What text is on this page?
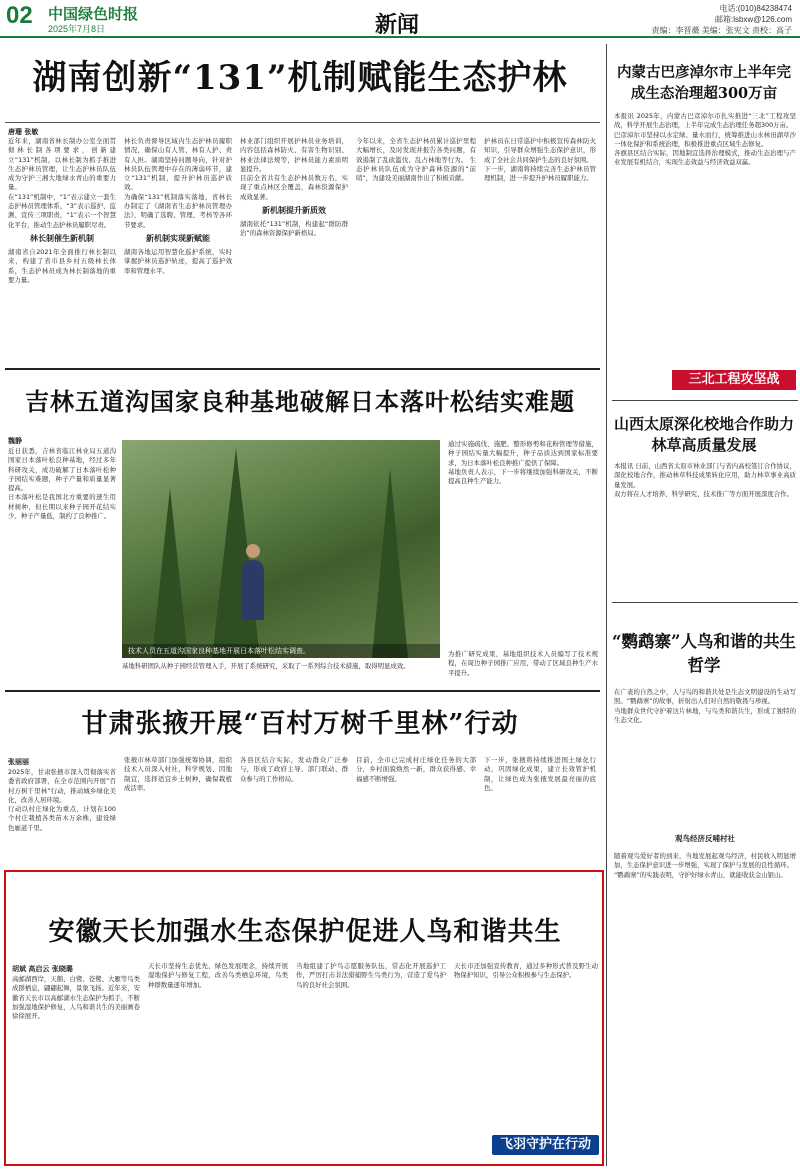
02 中国绿色时报
2025年7月8日	新闻
电话:(010)84238474
邮箱:lsbxw@126.com
责编：李晋薇 美编：张宪文 责校：高子
湖南创新“131”机制赋能生态护林
唐珊 张敏
近年来，湖南省林长制办公室全面贯彻林长制各项要求，创新建立“131”机制，以林长制为抓手推进生态护林员管理，让生态护林员队伍成为守护三湘大地绿水青山的重要力量。
在“131”机制中，“1”表示建立一套生态护林员管理体系，“3”表示巡护、监测、宣传三项职责，“1”表示一个智慧化平台，推动生态护林员履职尽责。
林长制催生新机制
湖南省自2021年全面推行林长制以来，构建了省市县乡村五级林长体系，生态护林员成为林长制落地的重要力量。
林长负责督导区域内生态护林员履职情况，确保山有人管、林有人护、责有人担。湖南坚持问题导向，针对护林员队伍管理中存在的薄弱环节，建立“131”机制，提升护林员巡护质效。
为确保“131”机制落实落地，省林长办制定了《湖南省生态护林员管理办法》，明确了选聘、管理、考核等各环节要求。
新机制实现新赋能
湖南各地运用智慧化巡护系统，实时掌握护林员巡护轨迹，提高了巡护效率和管理水平。
林业部门组织开展护林员业务培训，内容包括森林防火、有害生物识别、林业法律法规等，护林员能力素质明显提升。
目前全省共有生态护林员数万名，实现了重点林区全覆盖，森林资源保护成效显著。
新机制提升新质效
湖南依托“131”机制，构建起“群防群治”的森林资源保护新格局。
今年以来，全省生态护林员累计巡护里程大幅增长，及时发现并报告各类问题，有效遏制了乱砍滥伐、乱占林地等行为。 生态护林员队伍成为守护森林资源的“前哨”，为建设美丽湖南作出了积极贡献。
护林员在日常巡护中积极宣传森林防火知识，引导群众增强生态保护意识，形成了全社会共同保护生态的良好氛围。
下一步，湖南将持续完善生态护林员管理机制，进一步提升护林员履职能力。
吉林五道沟国家良种基地破解日本落叶松结实难题
魏静
近日获悉，吉林省临江林业局五道沟国家日本落叶松良种基地，经过多年科研攻关，成功破解了日本落叶松种子园结实难题，种子产量和质量显著提高。
日本落叶松是我国北方重要的速生用材树种，但长期以来种子园开花结实少、种子产量低，制约了良种推广。
技术人员在五道沟国家良种基地开展日本落叶松结实调查。
基地科研团队从种子园经营管理入手，开展了系统研究，采取了一系列综合技术措施，取得明显成效。
通过实施疏伐、施肥、整形修剪和花粉管理等措施，种子园结实量大幅提升，种子品质达到国家标准要求，为日本落叶松良种推广提供了保障。
基地负责人表示，下一步将继续加强科研攻关，不断提高良种生产能力。
为推广研究成果，基地组织技术人员编写了技术规程，在周边种子园推广应用，带动了区域良种生产水平提升。
甘肃张掖开展“百村万树千里林”行动
张丽丽
2025年，甘肃张掖市深入贯彻落实省委省政府部署，在全市范围内开展“百村万树千里林”行动，推动城乡绿化美化，改善人居环境。
行动以村庄绿化为重点，计划在100个村庄栽植各类苗木万余株，建设绿色廊道千里。
张掖市林草部门加强统筹协调，组织技术人员深入村社，科学规划、因地制宜，选择适宜乡土树种，确保栽植成活率。
各县区结合实际，发动群众广泛参与，形成了政府主导、部门联动、群众参与的工作格局。
目前，全市已完成村庄绿化任务的大部分，乡村面貌焕然一新，群众获得感、幸福感不断增强。
下一步，张掖将持续推进国土绿化行动，巩固绿化成果，建立长效管护机制，让绿色成为张掖发展最亮丽的底色。
安徽天长加强水生态保护促进人鸟和谐共生
胡斌 高启云 张晓璐
高邮湖西岸，天鹅、白鹭、苍鹭、大雁等鸟类成群栖息，翩翩起舞，景象飞扬。近年来，安徽省天长市以高邮湖水生态保护为抓手，不断加强湿地保护修复，人鸟和谐共生的美丽画卷徐徐展开。
天长市坚持生态优先、绿色发展理念，持续开展湿地保护与修复工程，改善鸟类栖息环境，鸟类种群数量逐年增加。
当地组建了护鸟志愿服务队伍，常态化开展巡护工作，严厉打击非法猎捕野生鸟类行为，营造了爱鸟护鸟的良好社会氛围。
天长市还加强宣传教育，通过多种形式普及野生动物保护知识，引导公众积极参与生态保护。
飞羽守护在行动
内蒙古巴彦淖尔市上半年完成生态治理超300万亩
本报讯 2025年，内蒙古巴彦淖尔市扎实推进“三北”工程攻坚战，科学开展生态治理，上半年完成生态治理任务超300万亩。
巴彦淖尔市坚持以水定绿、量水而行，统筹推进山水林田湖草沙一体化保护和系统治理，积极推进重点区域生态修复。
各旗县区结合实际，因地制宜选择治理模式，推动生态治理与产业发展有机结合，实现生态效益与经济效益双赢。
三北工程攻坚战
山西太原深化校地合作助力林草高质量发展
本报讯 日前，山西省太原市林业部门与省内高校签订合作协议，深化校地合作，推动林草科技成果转化应用，助力林草事业高质量发展。
双方将在人才培养、科学研究、技术推广等方面开展深度合作。
“鹦鹉寨”人鸟和谐的共生哲学
在广袤的自然之中，人与鸟的和谐共处是生态文明建设的生动写照。“鹦鹉寨”的故事，折射出人们对自然的敬畏与珍视。
当地群众世代守护着这片林地，与鸟类和谐共生，形成了独特的生态文化。
观鸟经济反哺村社
随着观鸟爱好者的到来，当地发展起观鸟经济，村民收入明显增加，生态保护意识进一步增强，实现了保护与发展的良性循环。
“鹦鹉寨”的实践表明，守护好绿水青山，就能收获金山银山。
